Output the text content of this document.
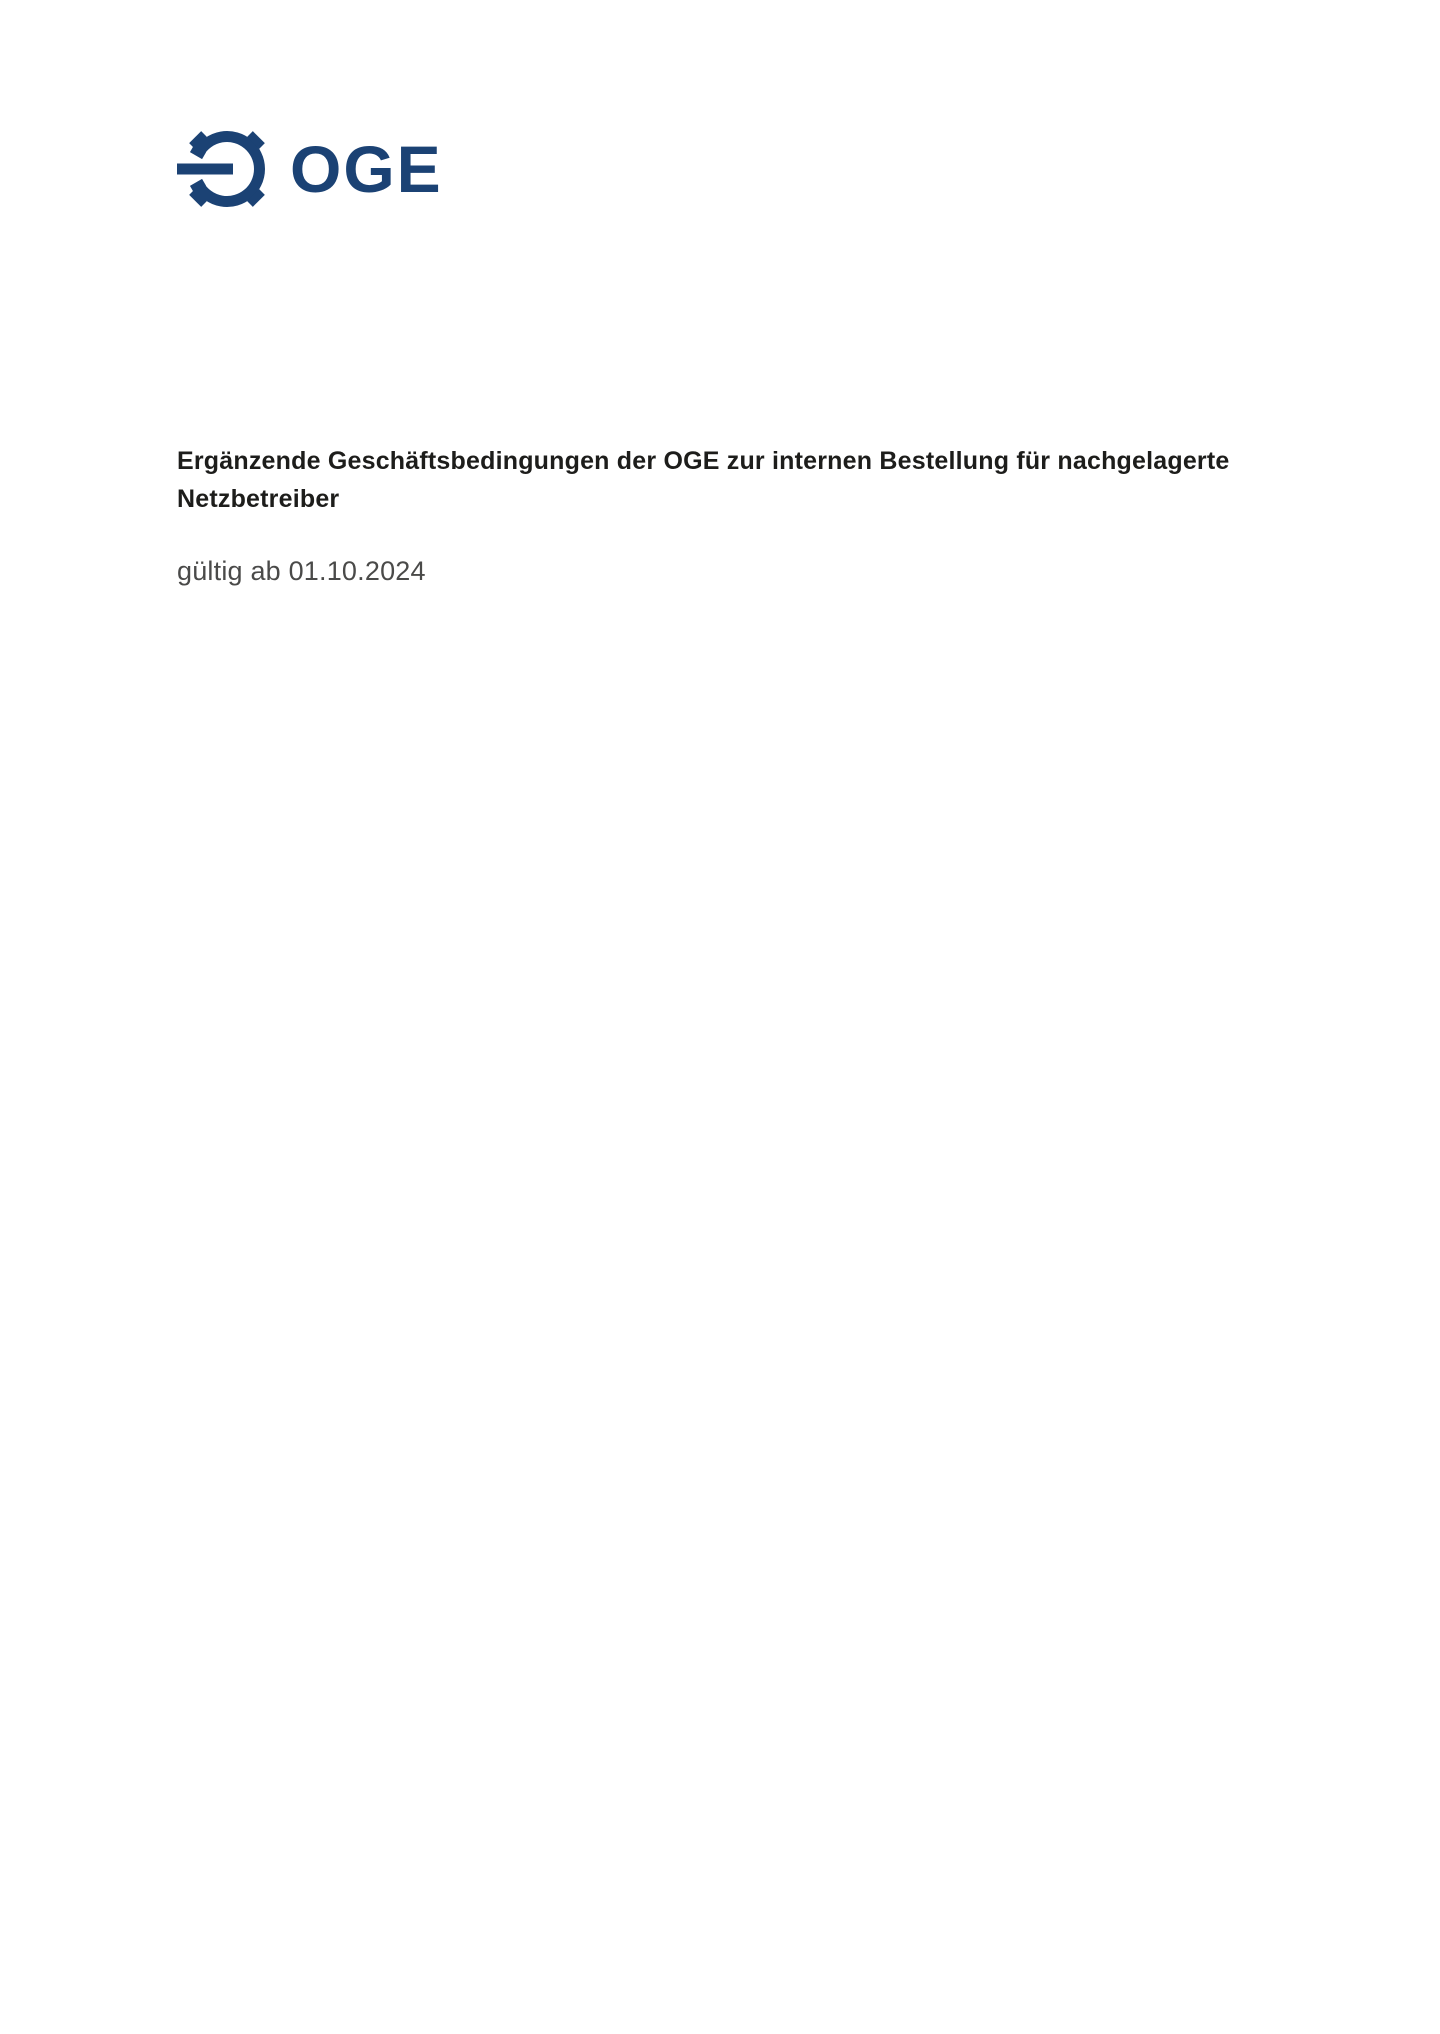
OGE
Ergänzende Geschäftsbedingungen der OGE zur internen Bestellung für nachgelagerte
Netzbetreiber

gültig ab 01.10.2024
